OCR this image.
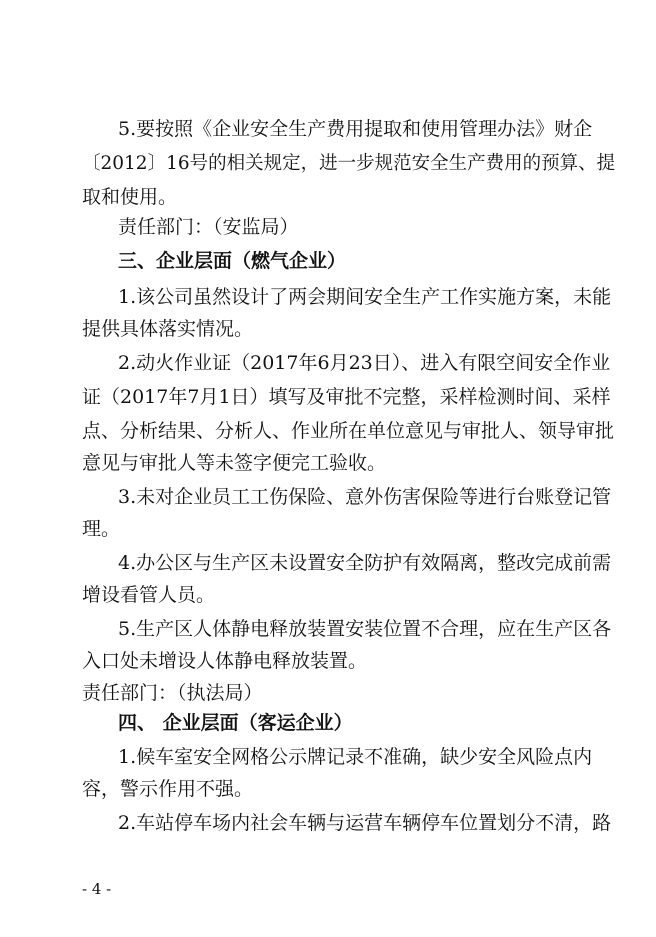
5.要按照《企业安全生产费用提取和使用管理办法》财企
〔2012〕16号的相关规定，进一步规范安全生产费用的预算、提
取和使用。
责任部门：（安监局）
三、企业层面（燃气企业）
1.该公司虽然设计了两会期间安全生产工作实施方案，未能
提供具体落实情况。
2.动火作业证（2017年6月23日）、进入有限空间安全作业
证（2017年7月1日）填写及审批不完整，采样检测时间、采样
点、分析结果、分析人、作业所在单位意见与审批人、领导审批
意见与审批人等未签字便完工验收。
3.未对企业员工工伤保险、意外伤害保险等进行台账登记管
理。
4.办公区与生产区未设置安全防护有效隔离，整改完成前需
增设看管人员。
5.生产区人体静电释放装置安装位置不合理，应在生产区各
入口处未增设人体静电释放装置。
责任部门：（执法局）
四、 企业层面（客运企业）
1.候车室安全网格公示牌记录不准确，缺少安全风险点内
容，警示作用不强。
2.车站停车场内社会车辆与运营车辆停车位置划分不清，路
- 4 -
